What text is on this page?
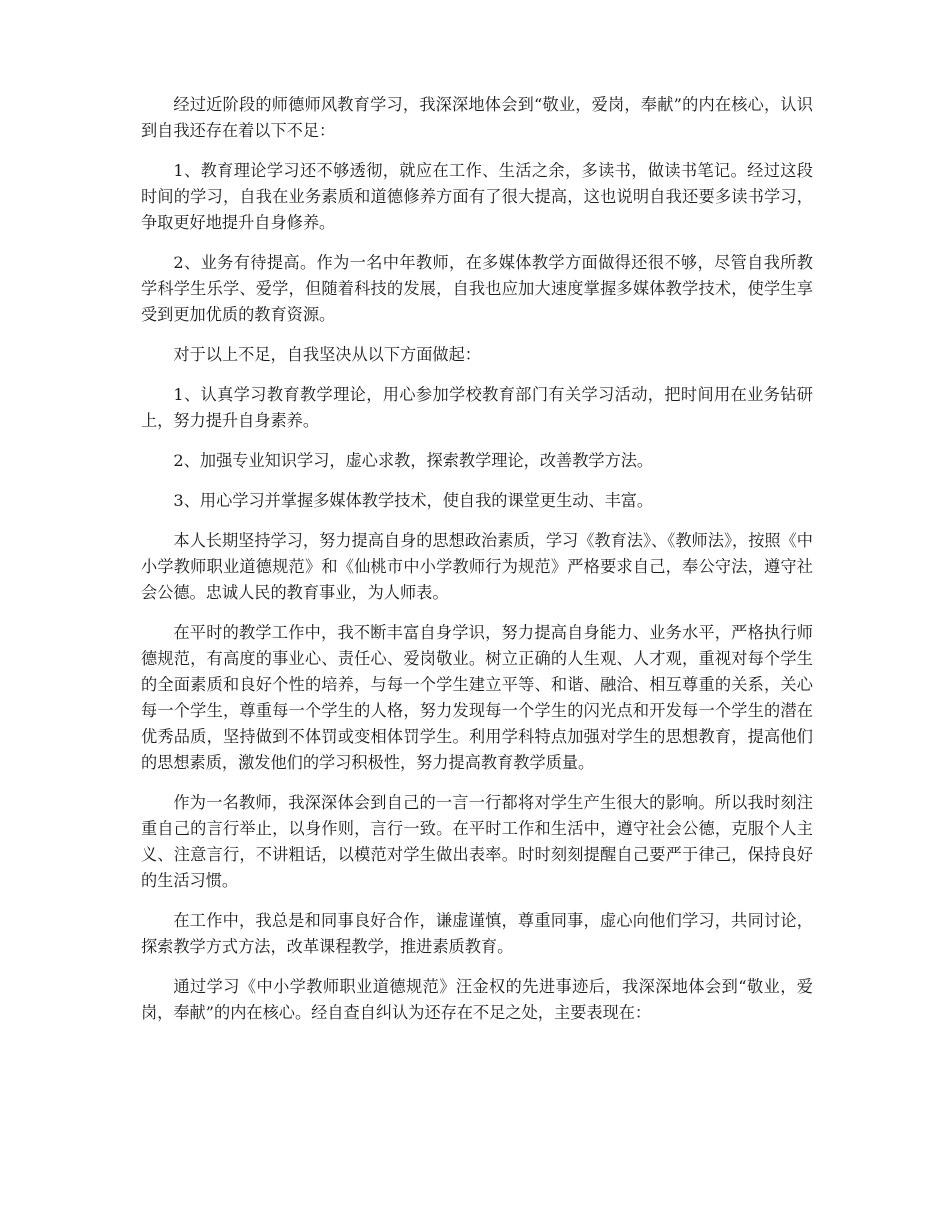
经过近阶段的师德师风教育学习，我深深地体会到“敬业，爱岗，奉献”的内在核心，认识到自我还存在着以下不足：

1、教育理论学习还不够透彻，就应在工作、生活之余，多读书，做读书笔记。经过这段时间的学习，自我在业务素质和道德修养方面有了很大提高，这也说明自我还要多读书学习，争取更好地提升自身修养。

2、业务有待提高。作为一名中年教师，在多媒体教学方面做得还很不够，尽管自我所教学科学生乐学、爱学，但随着科技的发展，自我也应加大速度掌握多媒体教学技术，使学生享受到更加优质的教育资源。

对于以上不足，自我坚决从以下方面做起：

1、认真学习教育教学理论，用心参加学校教育部门有关学习活动，把时间用在业务钻研上，努力提升自身素养。

2、加强专业知识学习，虚心求教，探索教学理论，改善教学方法。

3、用心学习并掌握多媒体教学技术，使自我的课堂更生动、丰富。

本人长期坚持学习，努力提高自身的思想政治素质，学习《教育法》、《教师法》，按照《中小学教师职业道德规范》和《仙桃市中小学教师行为规范》严格要求自己，奉公守法，遵守社会公德。忠诚人民的教育事业，为人师表。

在平时的教学工作中，我不断丰富自身学识，努力提高自身能力、业务水平，严格执行师德规范，有高度的事业心、责任心、爱岗敬业。树立正确的人生观、人才观，重视对每个学生的全面素质和良好个性的培养，与每一个学生建立平等、和谐、融洽、相互尊重的关系，关心每一个学生，尊重每一个学生的人格，努力发现每一个学生的闪光点和开发每一个学生的潜在优秀品质，坚持做到不体罚或变相体罚学生。利用学科特点加强对学生的思想教育，提高他们的思想素质，激发他们的学习积极性，努力提高教育教学质量。

作为一名教师，我深深体会到自己的一言一行都将对学生产生很大的影响。所以我时刻注重自己的言行举止，以身作则，言行一致。在平时工作和生活中，遵守社会公德，克服个人主义、注意言行，不讲粗话，以模范对学生做出表率。时时刻刻提醒自己要严于律己，保持良好的生活习惯。

在工作中，我总是和同事良好合作，谦虚谨慎，尊重同事，虚心向他们学习，共同讨论，探索教学方式方法，改革课程教学，推进素质教育。

通过学习《中小学教师职业道德规范》汪金权的先进事迹后，我深深地体会到“敬业，爱岗，奉献”的内在核心。经自查自纠认为还存在不足之处，主要表现在：
